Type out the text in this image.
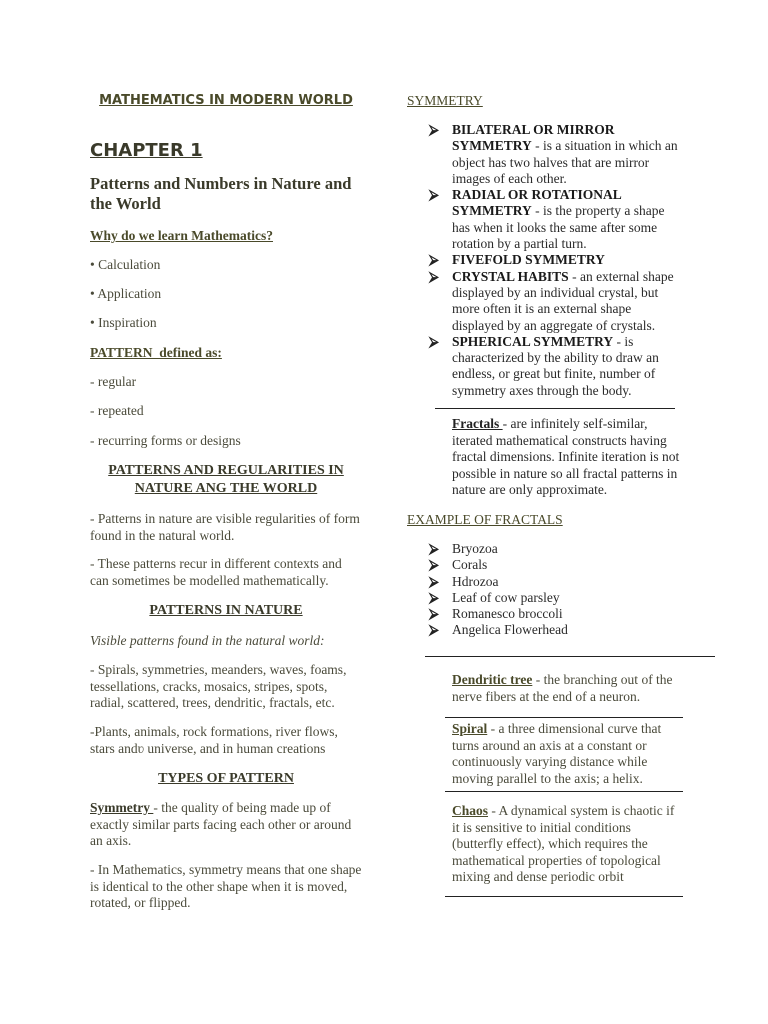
MATHEMATICS IN MODERN WORLD
CHAPTER 1
Patterns and Numbers in Nature and the World
Why do we learn Mathematics?
• Calculation
• Application
• Inspiration
PATTERN  defined as:
- regular
- repeated
- recurring forms or designs
PATTERNS AND REGULARITIES IN NATURE ANG THE WORLD
- Patterns in nature are visible regularities of form found in the natural world.
- These patterns recur in different contexts and can sometimes be modelled mathematically.
PATTERNS IN NATURE
Visible patterns found in the natural world:
- Spirals, symmetries, meanders, waves, foams, tessellations, cracks, mosaics, stripes, spots, radial, scattered, trees, dendritic, fractals, etc.
-Plants, animals, rock formations, river flows, stars andʋ universe, and in human creations
TYPES OF PATTERN
Symmetry - the quality of being made up of exactly similar parts facing each other or around an axis.
- In Mathematics, symmetry means that one shape is identical to the other shape when it is moved, rotated, or flipped.
SYMMETRY
⮚ BILATERAL OR MIRROR SYMMETRY - is a situation in which an object has two halves that are mirror images of each other.
⮚ RADIAL OR ROTATIONAL SYMMETRY - is the property a shape has when it looks the same after some rotation by a partial turn.
⮚ FIVEFOLD SYMMETRY
⮚ CRYSTAL HABITS - an external shape displayed by an individual crystal, but more often it is an external shape displayed by an aggregate of crystals.
⮚ SPHERICAL SYMMETRY - is characterized by the ability to draw an endless, or great but finite, number of symmetry axes through the body.
Fractals - are infinitely self-similar, iterated mathematical constructs having fractal dimensions. Infinite iteration is not possible in nature so all fractal patterns in nature are only approximate.
EXAMPLE OF FRACTALS
⮚ Bryozoa
⮚ Corals
⮚ Hdrozoa
⮚ Leaf of cow parsley
⮚ Romanesco broccoli
⮚ Angelica Flowerhead
Dendritic tree - the branching out of the nerve fibers at the end of a neuron.
Spiral - a three dimensional curve that turns around an axis at a constant or continuously varying distance while moving parallel to the axis; a helix.
Chaos - A dynamical system is chaotic if it is sensitive to initial conditions (butterfly effect), which requires the mathematical properties of topological mixing and dense periodic orbit
